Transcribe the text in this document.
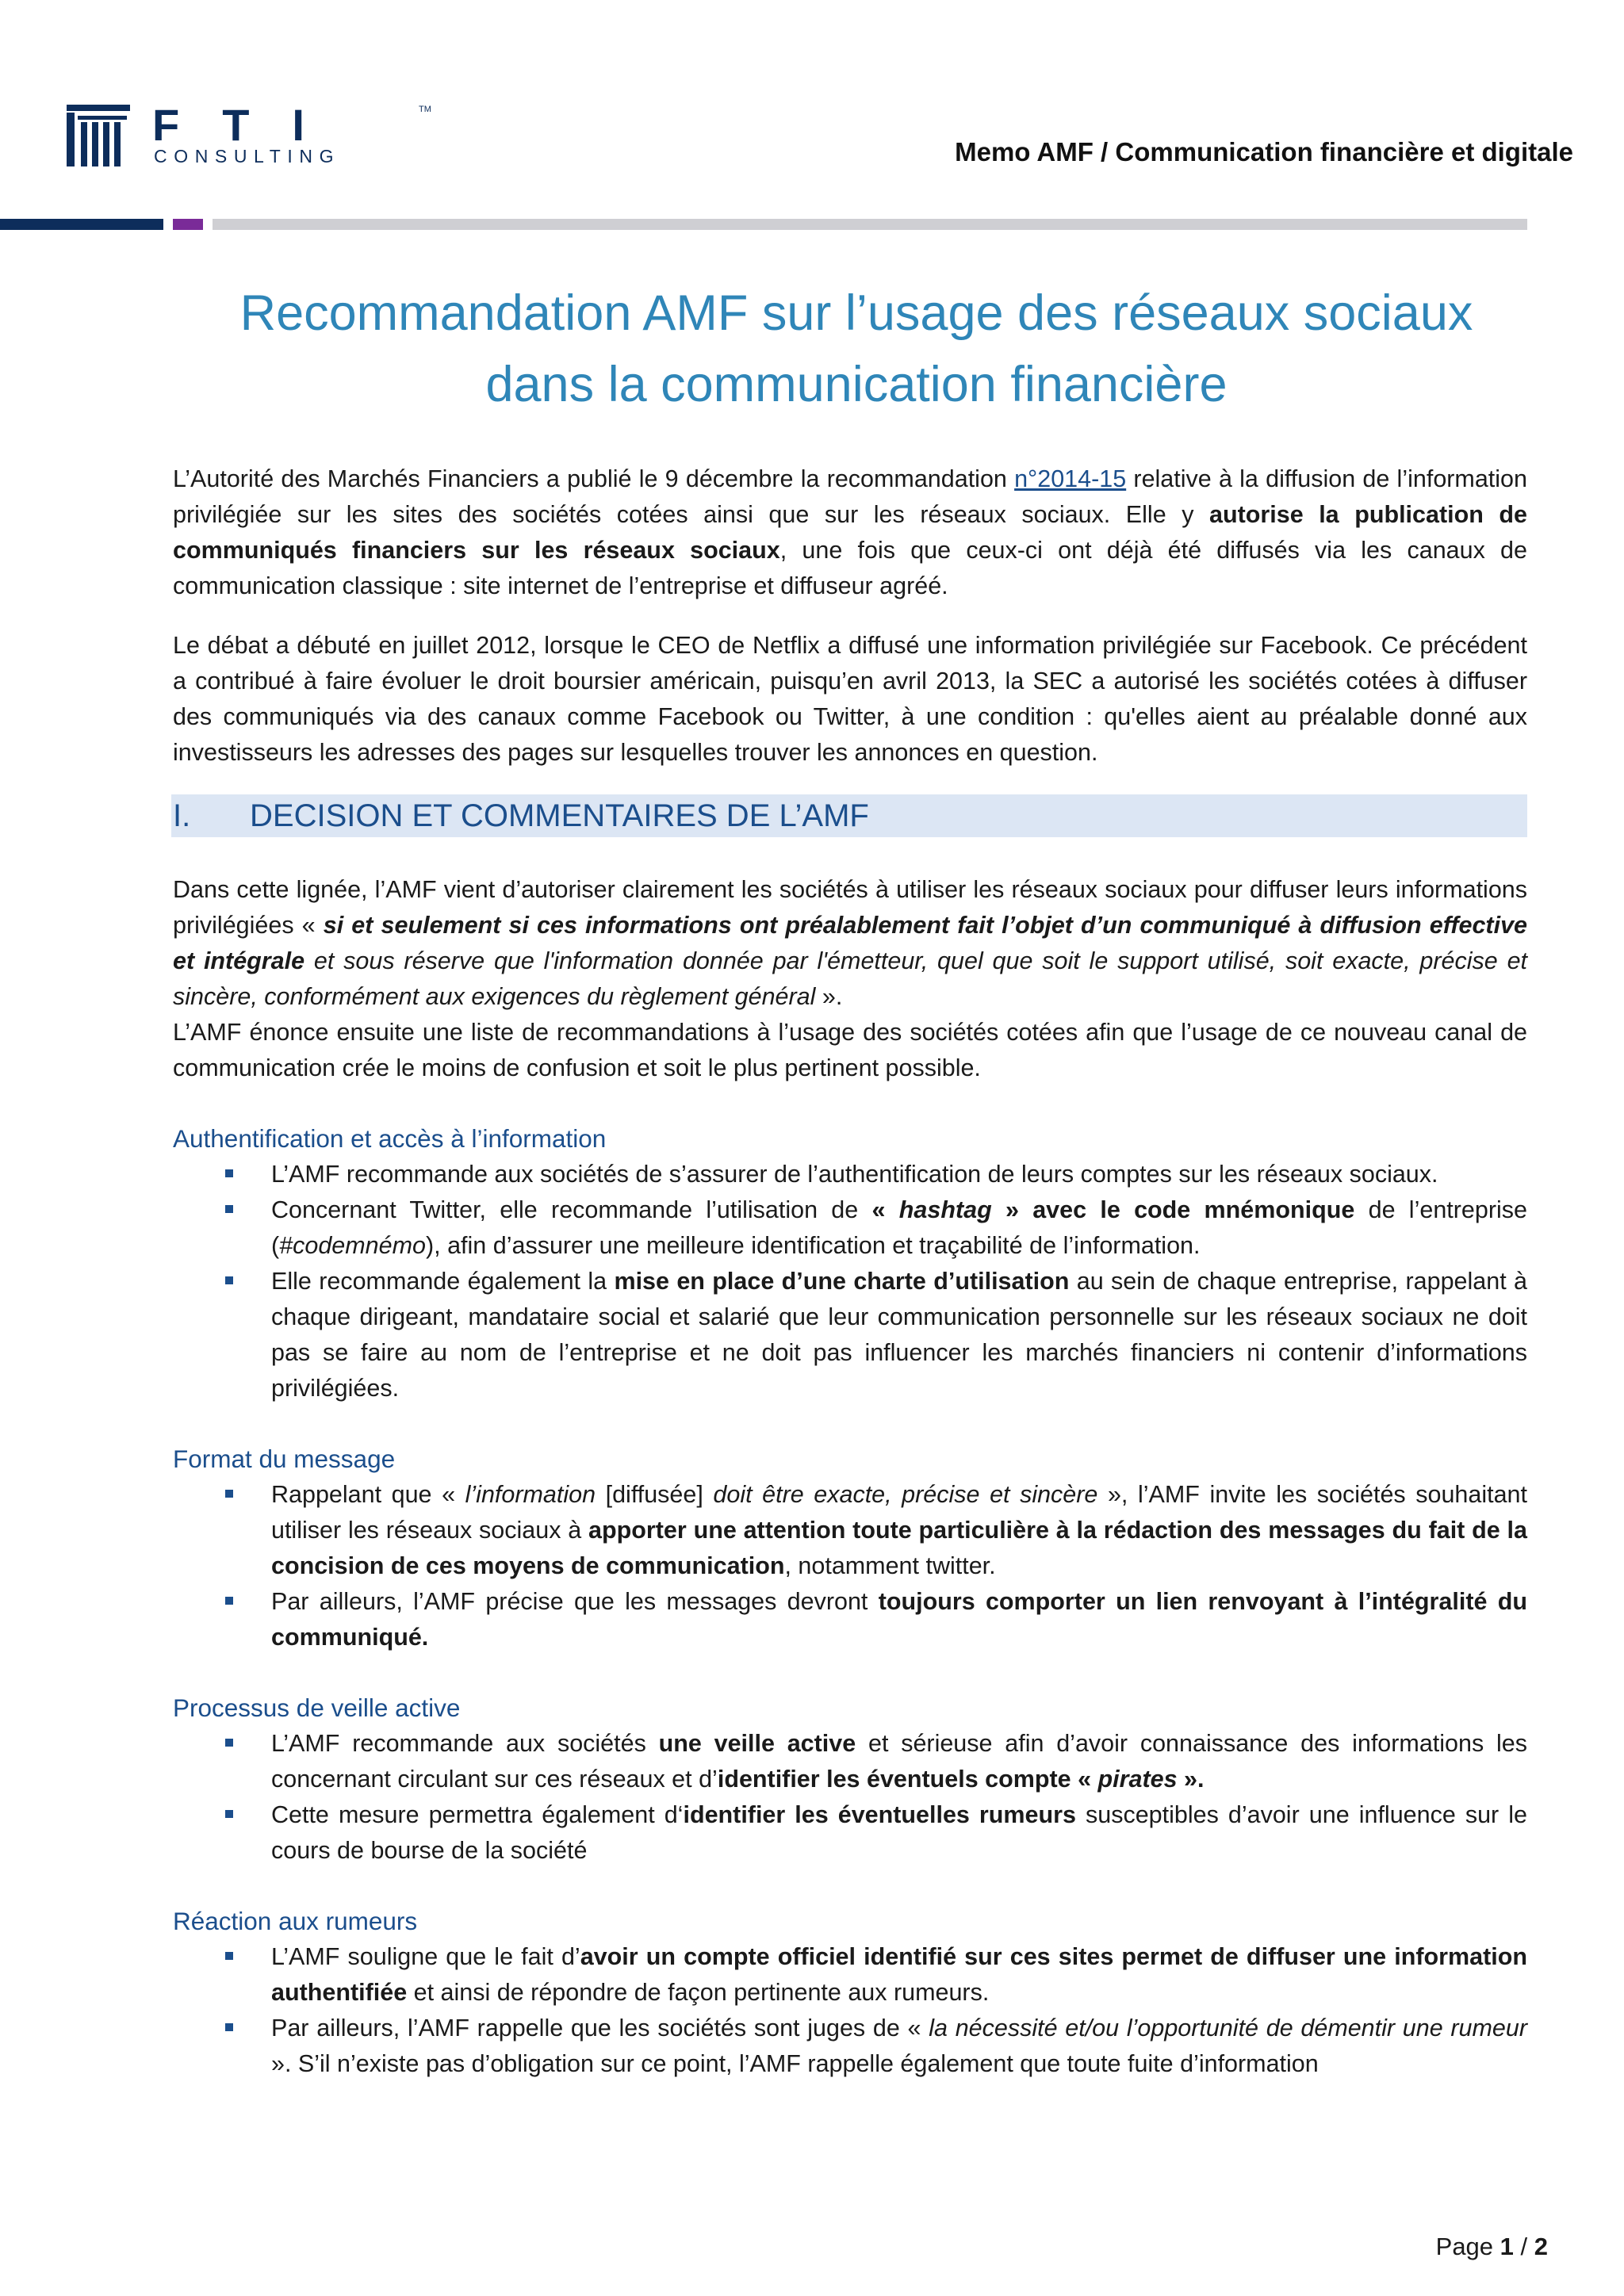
FTI	TM
CONSULTING	Memo AMF / Communication financière et digitale
Recommandation AMF sur l’usage des réseaux sociaux
dans la communication financière

L’Autorité des Marchés Financiers a publié le 9 décembre la recommandation n°2014-15 relative à la diffusion de l’information privilégiée sur les sites des sociétés cotées ainsi que sur les réseaux sociaux. Elle y autorise la publication de communiqués financiers sur les réseaux sociaux, une fois que ceux-ci ont déjà été diffusés via les canaux de communication classique : site internet de l’entreprise et diffuseur agréé.

Le débat a débuté en juillet 2012, lorsque le CEO de Netflix a diffusé une information privilégiée sur Facebook. Ce précédent a contribué à faire évoluer le droit boursier américain, puisqu’en avril 2013, la SEC a autorisé les sociétés cotées à diffuser des communiqués via des canaux comme Facebook ou Twitter, à une condition : qu'elles aient au préalable donné aux investisseurs les adresses des pages sur lesquelles trouver les annonces en question.

I.	DECISION ET COMMENTAIRES DE L’AMF

Dans cette lignée, l’AMF vient d’autoriser clairement les sociétés à utiliser les réseaux sociaux pour diffuser leurs informations privilégiées « si et seulement si ces informations ont préalablement fait l’objet d’un communiqué à diffusion effective et intégrale et sous réserve que l'information donnée par l'émetteur, quel que soit le support utilisé, soit exacte, précise et sincère, conformément aux exigences du règlement général ».

L’AMF énonce ensuite une liste de recommandations à l’usage des sociétés cotées afin que l’usage de ce nouveau canal de communication crée le moins de confusion et soit le plus pertinent possible.

Authentification et accès à l’information
L’AMF recommande aux sociétés de s’assurer de l’authentification de leurs comptes sur les réseaux sociaux.
Concernant Twitter, elle recommande l’utilisation de « hashtag » avec le code mnémonique de l’entreprise (#codemnémo), afin d’assurer une meilleure identification et traçabilité de l’information.
Elle recommande également la mise en place d’une charte d’utilisation au sein de chaque entreprise, rappelant à chaque dirigeant, mandataire social et salarié que leur communication personnelle sur les réseaux sociaux ne doit pas se faire au nom de l’entreprise et ne doit pas influencer les marchés financiers ni contenir d’informations privilégiées.
Format du message
Rappelant que « l’information [diffusée] doit être exacte, précise et sincère », l’AMF invite les sociétés souhaitant utiliser les réseaux sociaux à apporter une attention toute particulière à la rédaction des messages du fait de la concision de ces moyens de communication, notamment twitter.
Par ailleurs, l’AMF précise que les messages devront toujours comporter un lien renvoyant à l’intégralité du communiqué.
Processus de veille active
L’AMF recommande aux sociétés une veille active et sérieuse afin d’avoir connaissance des informations les concernant circulant sur ces réseaux et d’identifier les éventuels compte « pirates ».
Cette mesure permettra également d‘identifier les éventuelles rumeurs susceptibles d’avoir une influence sur le cours de bourse de la société
Réaction aux rumeurs
L’AMF souligne que le fait d’avoir un compte officiel identifié sur ces sites permet de diffuser une information authentifiée et ainsi de répondre de façon pertinente aux rumeurs.
Par ailleurs, l’AMF rappelle que les sociétés sont juges de « la nécessité et/ou l’opportunité de démentir une rumeur ». S’il n’existe pas d’obligation sur ce point, l’AMF rappelle également que toute fuite d’information
Page 1 / 2
